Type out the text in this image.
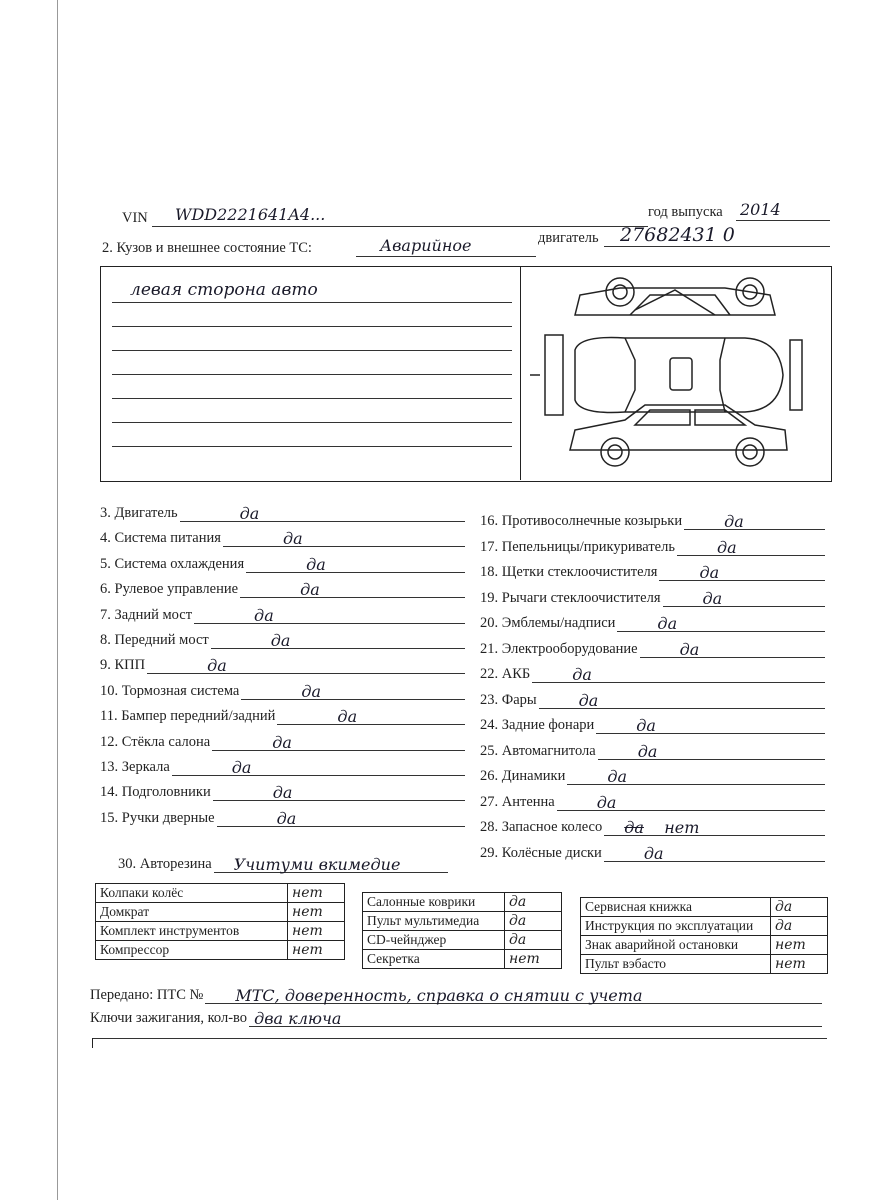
VIN WDD2221641A4...	год выпуска 2014
2. Кузов и внешнее состояние ТС:	Аварийное	двигатель 27682431 0
левая сторона авто
3. Двигатель	да
4. Система питания	да
5. Система охлаждения	да
6. Рулевое управление	да
7. Задний мост	да
8. Передний мост	да
9. КПП	да
10. Тормозная система	да
11. Бампер передний/задний	да
12. Стёкла салона	да
13. Зеркала	да
14. Подголовники	да
15. Ручки дверные	да
16. Противосолнечные козырьки	да
17. Пепельницы/прикуриватель	да
18. Щетки стеклоочистителя	да
19. Рычаги стеклоочистителя	да
20. Эмблемы/надписи	да
21. Электрооборудование	да
22. АКБ	да
23. Фары	да
24. Задние фонари	да
25. Автомагнитола	да
26. Динамики	да
27. Антенна	да
28. Запасное колесо да нет
29. Колёсные диски	да
30. Авторезина Учитуми вкимедие
Колпаки колёс	нет
Домкрат	нет
Комплект инструментов	нет
Компрессор	нет
Салонные коврики	да
Пульт мультимедиа	да
CD-чейнджер	да
Секретка	нет
Сервисная книжка	да
Инструкция по эксплуатации	да
Знак аварийной остановки	нет
Пульт вэбасто	нет
Передано: ПТС № МТС, доверенность, справка о снятии с учета
Ключи зажигания, кол-во два ключа
